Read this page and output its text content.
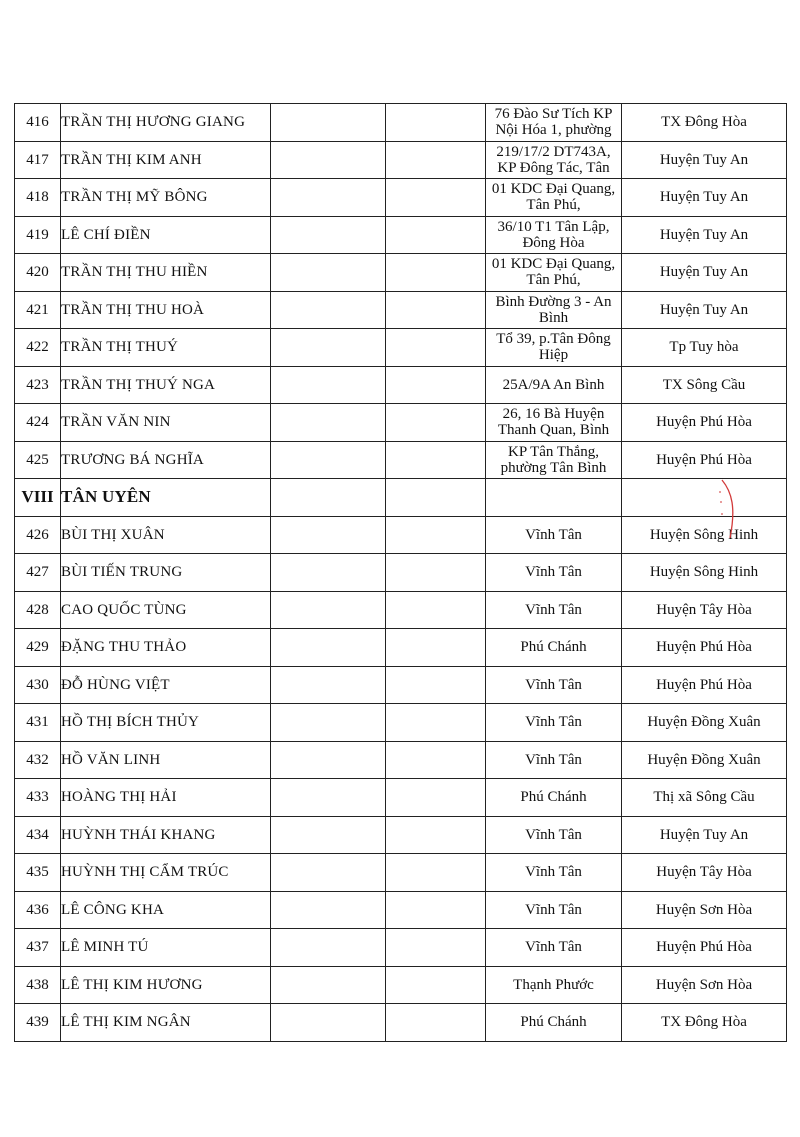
416	TRẦN THỊ HƯƠNG GIANG			76 Đào Sư Tích KP Nội Hóa 1, phường	TX Đông Hòa
417	TRẦN THỊ KIM ANH			219/17/2 DT743A, KP Đông Tác, Tân	Huyện Tuy An
418	TRẦN THỊ MỸ BÔNG			01 KDC Đại Quang, Tân Phú,	Huyện Tuy An
419	LÊ CHÍ ĐIỀN			36/10 T1 Tân Lập, Đông Hòa	Huyện Tuy An
420	TRẦN THỊ THU HIỀN			01 KDC Đại Quang, Tân Phú,	Huyện Tuy An
421	TRẦN THỊ THU HOÀ			Bình Đường 3 - An Bình	Huyện Tuy An
422	TRẦN THỊ THUÝ			Tổ 39, p.Tân Đông Hiệp	Tp Tuy hòa
423	TRẦN THỊ THUÝ NGA			25A/9A An Bình	TX Sông Cầu
424	TRẦN VĂN NIN			26, 16 Bà Huyện Thanh Quan, Bình	Huyện Phú Hòa
425	TRƯƠNG BÁ NGHĨA			KP Tân Thắng, phường Tân Bình	Huyện Phú Hòa
VIII	TÂN UYÊN				
426	BÙI THỊ XUÂN			Vĩnh Tân	Huyện Sông Hinh
427	BÙI TIẾN TRUNG			Vĩnh Tân	Huyện Sông Hinh
428	CAO QUỐC TÙNG			Vĩnh Tân	Huyện Tây Hòa
429	ĐẶNG THU THẢO			Phú Chánh	Huyện Phú Hòa
430	ĐỖ HÙNG VIỆT			Vĩnh Tân	Huyện Phú Hòa
431	HỒ THỊ BÍCH THỦY			Vĩnh Tân	Huyện Đồng Xuân
432	HỒ VĂN LINH			Vĩnh Tân	Huyện Đồng Xuân
433	HOÀNG THỊ HẢI			Phú Chánh	Thị xã Sông Cầu
434	HUỲNH THÁI KHANG			Vĩnh Tân	Huyện Tuy An
435	HUỲNH THỊ CẨM TRÚC			Vĩnh Tân	Huyện Tây Hòa
436	LÊ CÔNG KHA			Vĩnh Tân	Huyện Sơn Hòa
437	LÊ MINH TÚ			Vĩnh Tân	Huyện Phú Hòa
438	LÊ THỊ KIM HƯƠNG			Thạnh Phước	Huyện Sơn Hòa
439	LÊ THỊ KIM NGÂN			Phú Chánh	TX Đông Hòa
